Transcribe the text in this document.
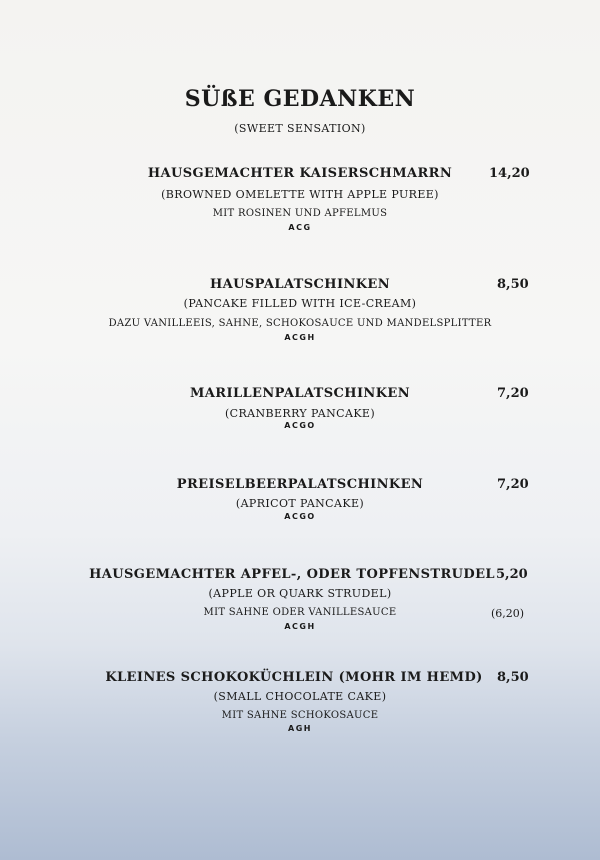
SÜßE GEDANKEN
(SWEET SENSATION)
HAUSGEMACHTER KAISERSCHMARRN	14,20
(BROWNED OMELETTE WITH APPLE PUREE)
MIT ROSINEN UND APFELMUS
ACG
HAUSPALATSCHINKEN	8,50
(PANCAKE FILLED WITH ICE-CREAM)
DAZU VANILLEEIS, SAHNE, SCHOKOSAUCE UND MANDELSPLITTER
ACGH
MARILLENPALATSCHINKEN	7,20
(CRANBERRY PANCAKE)
ACGO
PREISELBEERPALATSCHINKEN	7,20
(APRICOT PANCAKE)
ACGO
HAUSGEMACHTER APFEL-, ODER TOPFENSTRUDEL 5,20
(APPLE OR QUARK STRUDEL)
MIT SAHNE ODER VANILLESAUCE	(6,20)
ACGH
KLEINES SCHOKOKÜCHLEIN (MOHR IM HEMD)	8,50
(SMALL CHOCOLATE CAKE)
MIT SAHNE SCHOKOSAUCE
AGH
